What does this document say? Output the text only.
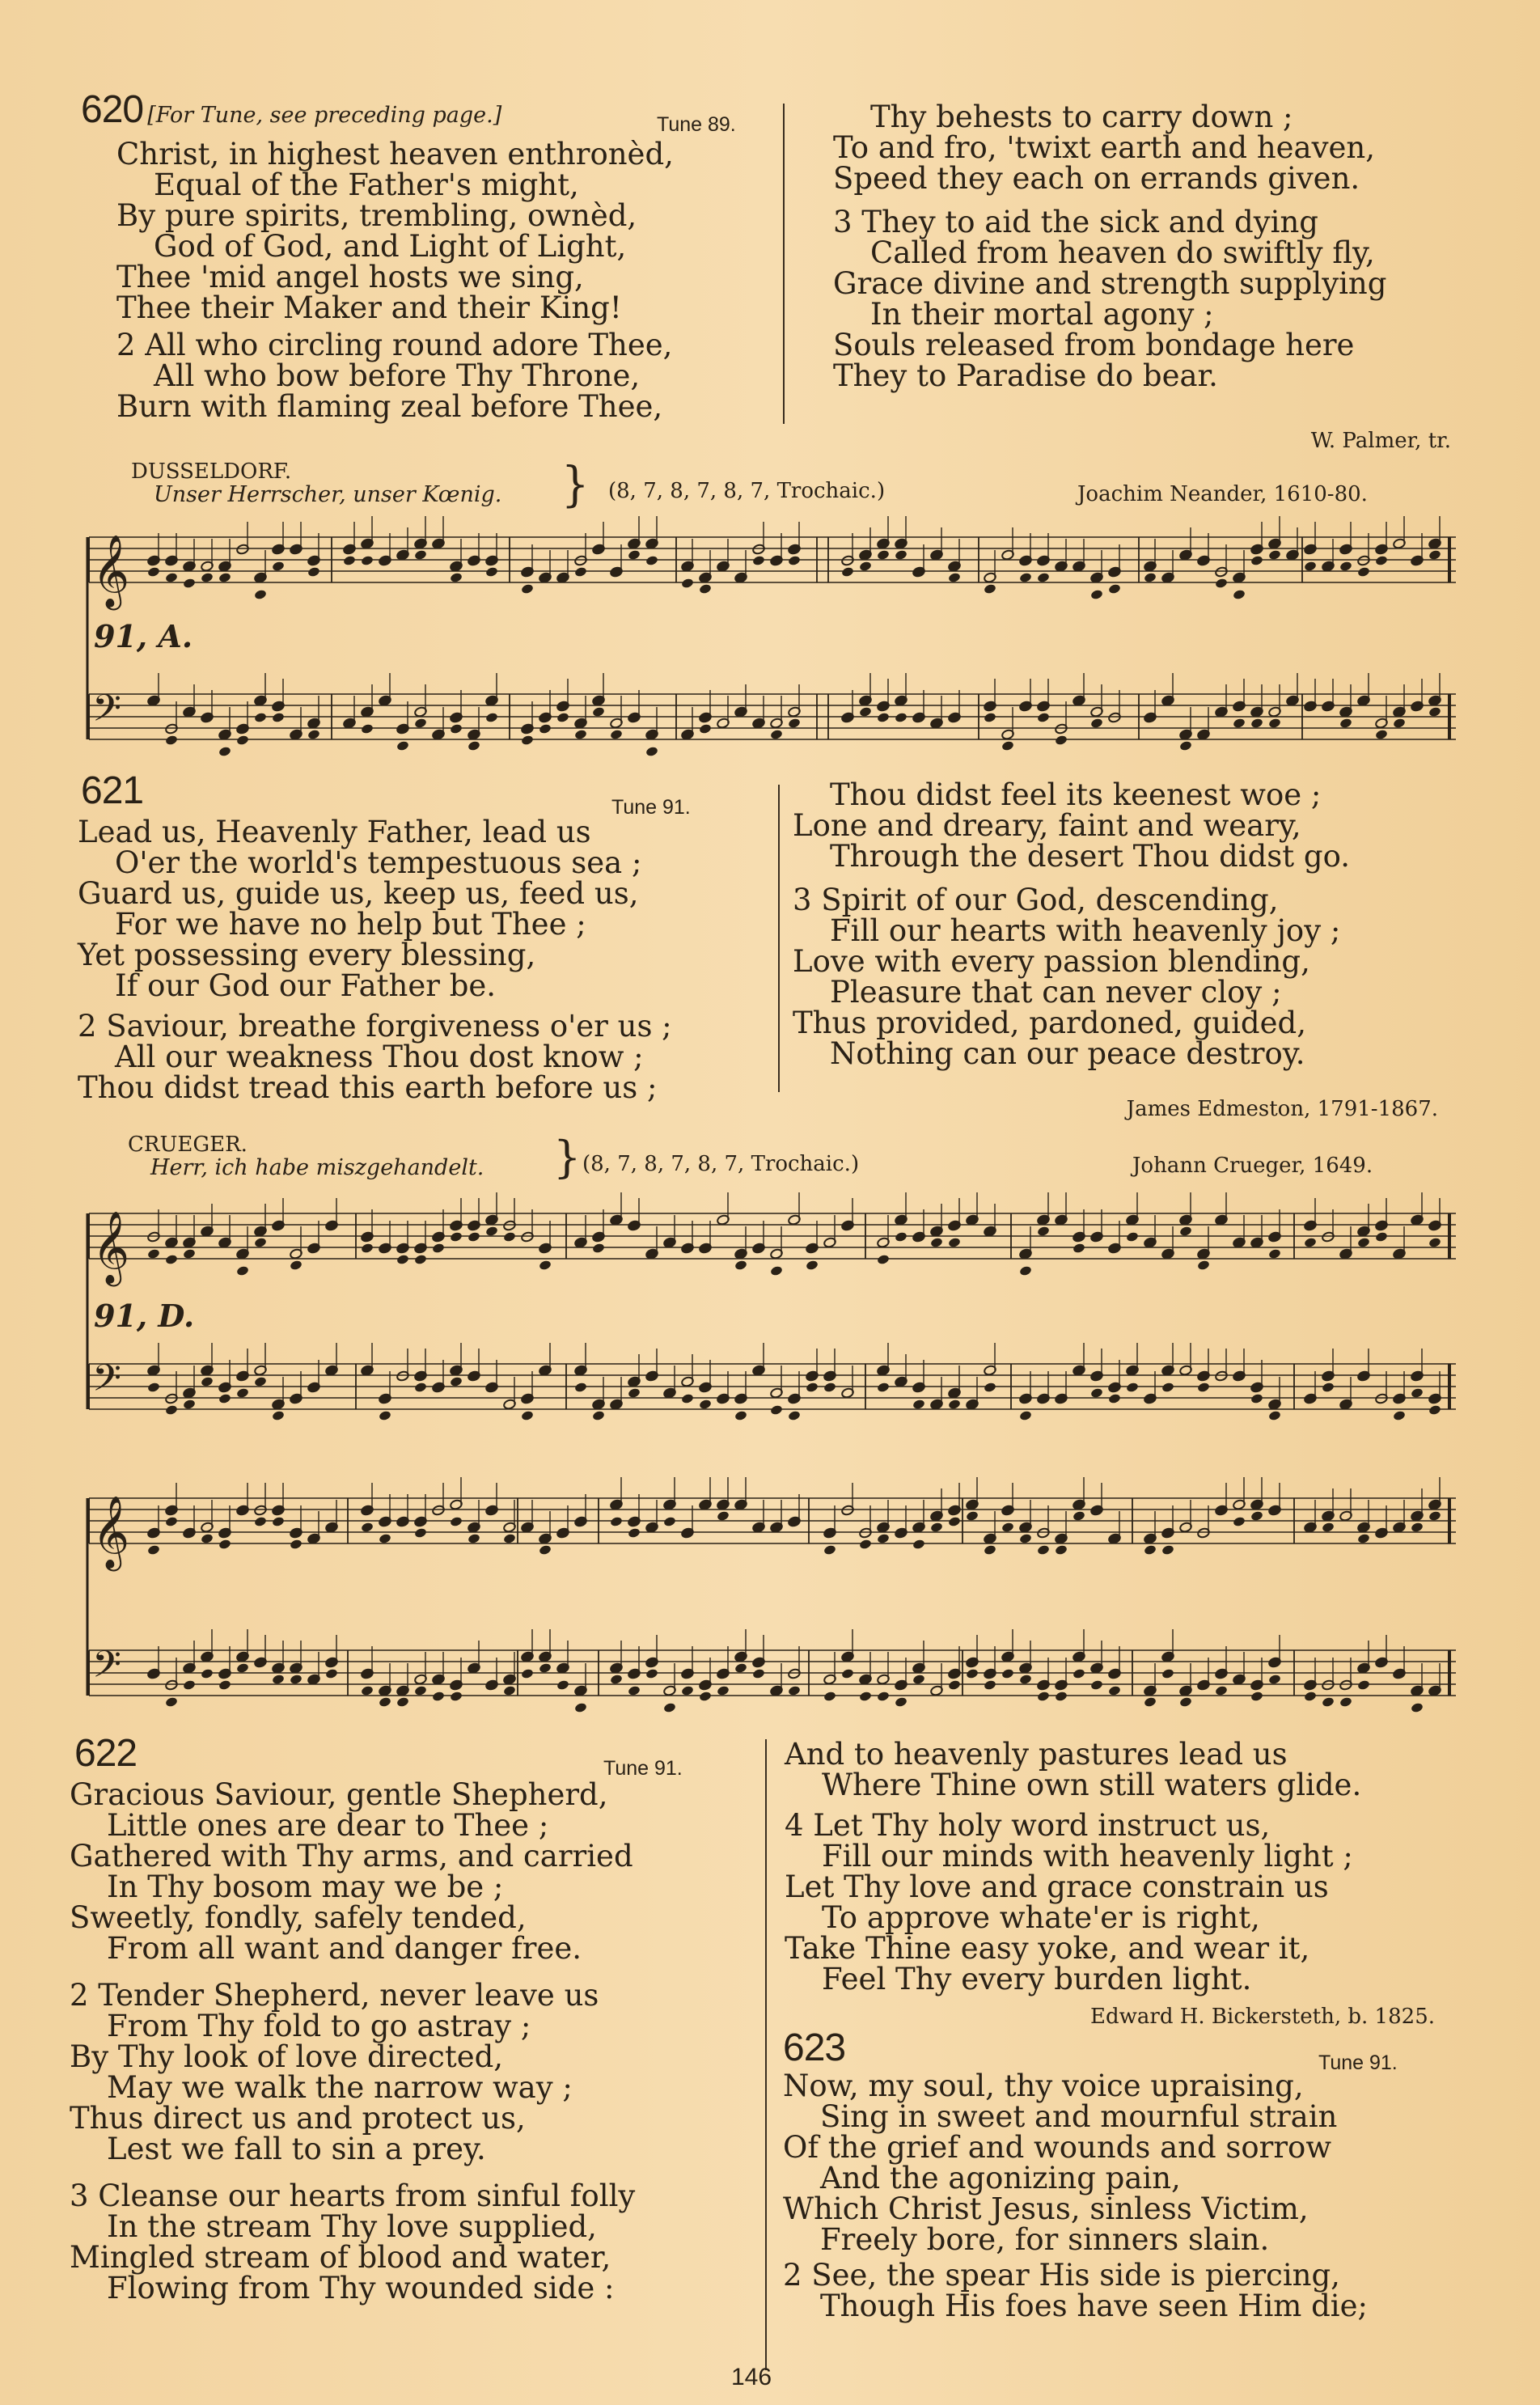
620 [For Tune, see preceding page.]	Tune 89.
Christ, in highest heaven enthronèd,
Equal of the Father's might,
By pure spirits, trembling, ownèd,
God of God, and Light of Light,
Thee 'mid angel hosts we sing,
Thee their Maker and their King!
2 All who circling round adore Thee,
All who bow before Thy Throne,
Burn with flaming zeal before Thee,
Thy behests to carry down ;
To and fro, 'twixt earth and heaven,
Speed they each on errands given.
3 They to aid the sick and dying
Called from heaven do swiftly fly,
Grace divine and strength supplying
In their mortal agony ;
Souls released from bondage here
They to Paradise do bear.
W. Palmer, tr.
DUSSELDORF.
Unser Herrscher, unser Kœnig. } (8, 7, 8, 7, 8, 7, Trochaic.)	Joachim Neander, 1610-80.
CRUEGER.
Herr, ich habe miszgehandelt. } (8, 7, 8, 7, 8, 7, Trochaic.)	Johann Crueger, 1649.
91, A.
91, D.
𝄞
𝄢
𝄞
𝄢
𝄞
𝄢
621	Tune 91.
Lead us, Heavenly Father, lead us
O'er the world's tempestuous sea ;
Guard us, guide us, keep us, feed us,
For we have no help but Thee ;
Yet possessing every blessing,
If our God our Father be.
2 Saviour, breathe forgiveness o'er us ;
All our weakness Thou dost know ;
Thou didst tread this earth before us ;
Thou didst feel its keenest woe ;
Lone and dreary, faint and weary,
Through the desert Thou didst go.
3 Spirit of our God, descending,
Fill our hearts with heavenly joy ;
Love with every passion blending,
Pleasure that can never cloy ;
Thus provided, pardoned, guided,
Nothing can our peace destroy.
James Edmeston, 1791-1867.
622	Tune 91.
Gracious Saviour, gentle Shepherd,
Little ones are dear to Thee ;
Gathered with Thy arms, and carried
In Thy bosom may we be ;
Sweetly, fondly, safely tended,
From all want and danger free.
2 Tender Shepherd, never leave us
From Thy fold to go astray ;
By Thy look of love directed,
May we walk the narrow way ;
Thus direct us and protect us,
Lest we fall to sin a prey.
3 Cleanse our hearts from sinful folly
In the stream Thy love supplied,
Mingled stream of blood and water,
Flowing from Thy wounded side :
And to heavenly pastures lead us
Where Thine own still waters glide.
4 Let Thy holy word instruct us,
Fill our minds with heavenly light ;
Let Thy love and grace constrain us
To approve whate'er is right,
Take Thine easy yoke, and wear it,
Feel Thy every burden light.
Edward H. Bickersteth, b. 1825.
623	Tune 91.
Now, my soul, thy voice upraising,
Sing in sweet and mournful strain
Of the grief and wounds and sorrow
And the agonizing pain,
Which Christ Jesus, sinless Victim,
Freely bore, for sinners slain.
2 See, the spear His side is piercing,
Though His foes have seen Him die;
146
